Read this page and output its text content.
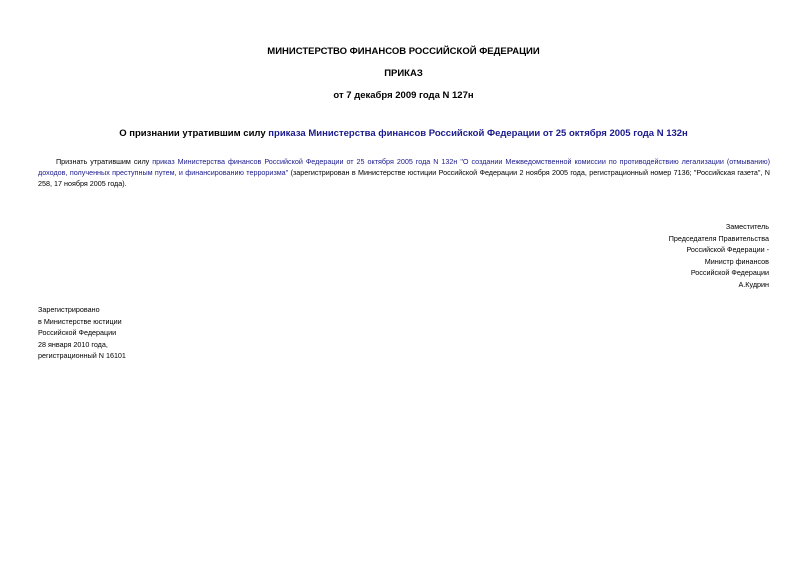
МИНИСТЕРСТВО ФИНАНСОВ РОССИЙСКОЙ ФЕДЕРАЦИИ
ПРИКАЗ
от 7 декабря 2009 года N 127н
О признании утратившим силу приказа Министерства финансов Российской Федерации от 25 октября 2005 года N 132н
Признать утратившим силу приказ Министерства финансов Российской Федерации от 25 октября 2005 года N 132н "О создании Межведомственной комиссии по противодействию легализации (отмыванию) доходов, полученных преступным путем, и финансированию терроризма" (зарегистрирован в Министерстве юстиции Российской Федерации 2 ноября 2005 года, регистрационный номер 7136; "Российская газета", N 258, 17 ноября 2005 года).
Заместитель
Председателя Правительства
Российской Федерации -
Министр финансов
Российской Федерации
А.Кудрин
Зарегистрировано
в Министерстве юстиции
Российской Федерации
28 января 2010 года,
регистрационный N 16101
